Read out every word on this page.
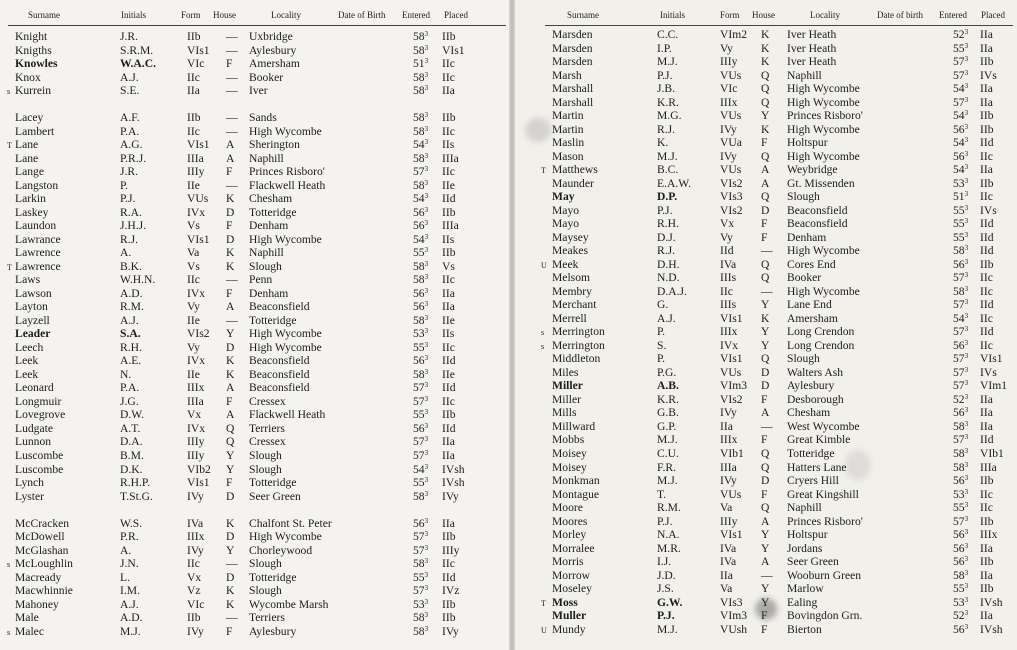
Surname	Initials	Form House	Locality	Date of Birth Entered Placed
Knight	J.R.	IIb — Uxbridge	$58^3$ IIb
Knigths	S.R.M.	VIs1 — Aylesbury	$58^3$ VIs1
Knowles	W.A.C.	VIc F Amersham	$51^3$ IIc
Knox	A.J.	IIc — Booker	$58^3$ IIc
s Kurrein	S.E.	IIa — Iver	$58^3$ IIa
Lacey	A.F.	IIb — Sands	$58^3$ IIb
Lambert	P.A.	IIc — High Wycombe	$58^3$ IIc
T Lane	A.G.	VIs1 A Sherington	$54^3$ IIs
Lane	P.R.J.	IIIa A Naphill	$58^3$ IIIa
Lange	J.R.	IIIy F Princes Risboro'	$57^3$ IIc
Langston	P.	IIe — Flackwell Heath	$58^3$ IIe
Larkin	P.J.	VUs K Chesham	$54^3$ IId
Laskey	R.A.	IVx D Totteridge	$56^3$ IIb
Laundon	J.H.J.	Vs F Denham	$56^3$ IIIa
Lawrance	R.J.	VIs1 D High Wycombe	$54^3$ IIs
Lawrence	A.	Va K Naphill	$55^3$ IIb
T Lawrence	B.K.	Vs K Slough	$58^3$ Vs
Laws	W.H.N.	IIc — Penn	$58^3$ IIc
Lawson	A.D.	IVx F Denham	$56^3$ IIa
Layton	R.M.	Vy A Beaconsfield	$56^3$ IIa
Layzell	A.J.	IIe — Totteridge	$58^3$ IIe
Leader	S.A.	VIs2 Y High Wycombe	$53^3$ IIs
Leech	R.H.	Vy D High Wycombe	$55^3$ IIc
Leek	A.E.	IVx K Beaconsfield	$56^3$ IId
Leek	N.	IIe K Beaconsfield	$58^3$ IIe
Leonard	P.A.	IIIx A Beaconsfield	$57^3$ IId
Longmuir	J.G.	IIIa F Cressex	$57^3$ IIc
Lovegrove	D.W.	Vx A Flackwell Heath	$55^3$ IIb
Ludgate	A.T.	IVx Q Terriers	$56^3$ IId
Lunnon	D.A.	IIIy Q Cressex	$57^3$ IIa
Luscombe	B.M.	IIIy Y Slough	$57^3$ IIa
Luscombe	D.K.	VIb2 Y Slough	$54^3$ IVsh
Lynch	R.H.P.	VIs1 F Totteridge	$55^3$ IVsh
Lyster	T.St.G.	IVy D Seer Green	$58^3$ IVy
McCracken	W.S.	IVa K Chalfont St. Peter	$56^3$ IIa
McDowell	P.R.	IIIx D High Wycombe	$57^3$ IIb
McGlashan	A.	IVy Y Chorleywood	$57^3$ IIIy
s McLoughlin	J.N.	IIc — Slough	$58^3$ IIc
Macready	L.	Vx D Totteridge	$55^3$ IId
Macwhinnie	I.M.	Vz K Slough	$57^3$ IVz
Mahoney	A.J.	VIc K Wycombe Marsh	$53^3$ IIb
Male	A.D.	IIb — Terriers	$58^3$ IIb
s Malec	M.J.	IVy F Aylesbury	$58^3$ IVy
Surname	Initials	Form House	Locality	Date of birth Entered Placed
Marsden	C.C.	VIm2 K Iver Heath	$52^3$ IIa
Marsden	I.P.	Vy K Iver Heath	$55^3$ IIa
Marsden	M.J.	IIIy K Iver Heath	$57^3$ IIb
Marsh	P.J.	VUs Q Naphill	$57^3$ IVs
Marshall	J.B.	VIc Q High Wycombe	$54^3$ IIa
Marshall	K.R.	IIIx Q High Wycombe	$57^3$ IIa
Martin	M.G.	VUs Y Princes Risboro'	$54^3$ IIb
Martin	R.J.	IVy K High Wycombe	$56^3$ IIb
Maslin	K.	VUa F Holtspur	$54^3$ IId
Mason	M.J.	IVy Q High Wycombe	$56^3$ IIc
T Matthews	B.C.	VUs A Weybridge	$54^3$ IIa
Maunder	E.A.W. VIs2 A Gt. Missenden	$53^3$ IIb
May	D.P.	VIs3 Q Slough	$51^3$ IIc
Mayo	P.J.	VIs2 D Beaconsfield	$55^3$ IVs
Mayo	R.H.	Vx F Beaconsfield	$55^3$ IId
Maysey	D.J.	Vy F Denham	$55^3$ IId
Meakes	R.J.	IId — High Wycombe	$58^3$ IId
U Meek	D.H.	IVa Q Cores End	$56^3$ IIb
Melsom	N.D.	IIIs Q Booker	$57^3$ IIc
Membry	D.A.J.	IIc — High Wycombe	$58^3$ IIc
Merchant	G.	IIIs Y Lane End	$57^3$ IId
Merrell	A.J.	VIs1 K Amersham	$54^3$ IIc
s Merrington	P.	IIIx Y Long Crendon	$57^3$ IId
s Merrington	S.	IVx Y Long Crendon	$56^3$ IIc
Middleton	P.	VIs1 Q Slough	$57^3$ VIs1
Miles	P.G.	VUs D Walters Ash	$57^3$ IVs
Miller	A.B.	VIm3 D Aylesbury	$57^3$ VIm1
Miller	K.R.	VIs2 F Desborough	$52^3$ IIa
Mills	G.B.	IVy A Chesham	$56^3$ IIa
Millward	G.P.	IIa — West Wycombe	$58^3$ IIa
Mobbs	M.J.	IIIx F Great Kimble	$57^3$ IId
Moisey	C.U.	VIb1 Q Totteridge	$58^3$ VIb1
Moisey	F.R.	IIIa Q Hatters Lane	$58^3$ IIIa
Monkman	M.J.	IVy D Cryers Hill	$56^3$ IIb
Montague	T.	VUs F Great Kingshill	$53^3$ IIc
Moore	R.M.	Va Q Naphill	$55^3$ IIc
Moores	P.J.	IIIy A Princes Risboro'	$57^3$ IIb
Morley	N.A.	VIs1 Y Holtspur	$56^3$ IIIx
Morralee	M.R.	IVa Y Jordans	$56^3$ IIa
Morris	I.J.	IVa A Seer Green	$56^3$ IIb
Morrow	J.D.	IIa — Wooburn Green	$58^3$ IIa
Moseley	J.S.	Va Y Marlow	$55^3$ IIb
T Moss	G.W.	VIs3 Y Ealing	$53^3$ IVsh
Muller	P.J.	VIm3 F Bovingdon Grn.	$52^3$ IIa
U Mundy	M.J.	VUsh F Bierton	$56^3$ IVsh
